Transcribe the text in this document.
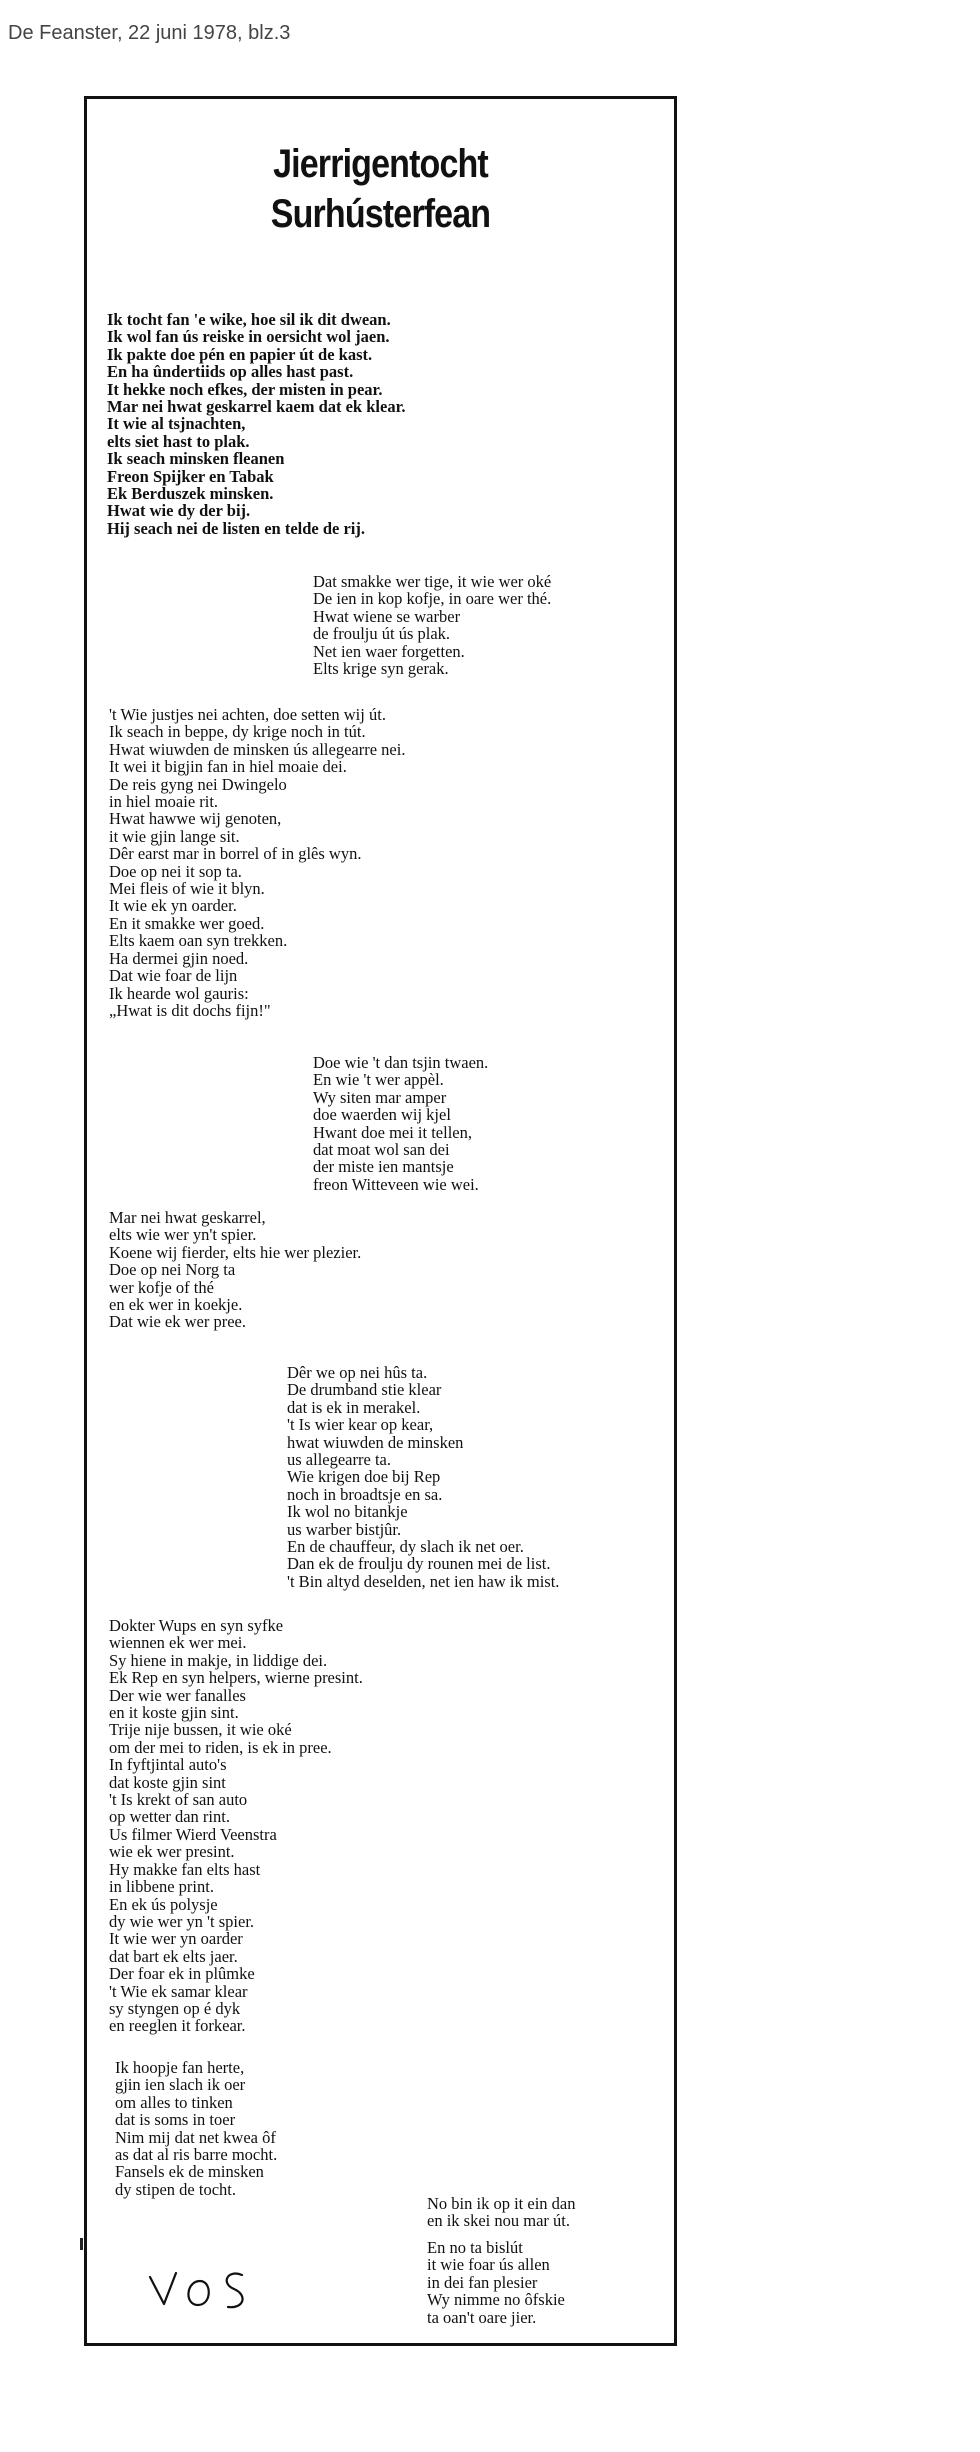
De Feanster, 22 juni 1978, blz.3
Jierrigentocht
Surhústerfean
Ik tocht fan 'e wike, hoe sil ik dit dwean.
Ik wol fan ús reiske in oersicht wol jaen.
Ik pakte doe pén en papier út de kast.
En ha ûndertiids op alles hast past.
It hekke noch efkes, der misten in pear.
Mar nei hwat geskarrel kaem dat ek klear.
It wie al tsjnachten,
elts siet hast to plak.
Ik seach minsken fleanen
Freon Spijker en Tabak
Ek Berduszek minsken.
Hwat wie dy der bij.
Hij seach nei de listen en telde de rij.
Dat smakke wer tige, it wie wer oké
De ien in kop kofje, in oare wer thé.
Hwat wiene se warber
de froulju út ús plak.
Net ien waer forgetten.
Elts krige syn gerak.
't Wie justjes nei achten, doe setten wij út.
Ik seach in beppe, dy krige noch in tút.
Hwat wiuwden de minsken ús allegearre nei.
It wei it bigjin fan in hiel moaie dei.
De reis gyng nei Dwingelo
in hiel moaie rit.
Hwat hawwe wij genoten,
it wie gjin lange sit.
Dêr earst mar in borrel of in glês wyn.
Doe op nei it sop ta.
Mei fleis of wie it blyn.
It wie ek yn oarder.
En it smakke wer goed.
Elts kaem oan syn trekken.
Ha dermei gjin noed.
Dat wie foar de lijn
Ik hearde wol gauris:
„Hwat is dit dochs fijn!"
Doe wie 't dan tsjin twaen.
En wie 't wer appèl.
Wy siten mar amper
doe waerden wij kjel
Hwant doe mei it tellen,
dat moat wol san dei
der miste ien mantsje
freon Witteveen wie wei.
Mar nei hwat geskarrel,
elts wie wer yn't spier.
Koene wij fierder, elts hie wer plezier.
Doe op nei Norg ta
wer kofje of thé
en ek wer in koekje.
Dat wie ek wer pree.
Dêr we op nei hûs ta.
De drumband stie klear
dat is ek in merakel.
't Is wier kear op kear,
hwat wiuwden de minsken
us allegearre ta.
Wie krigen doe bij Rep
noch in broadtsje en sa.
Ik wol no bitankje
us warber bistjûr.
En de chauffeur, dy slach ik net oer.
Dan ek de froulju dy rounen mei de list.
't Bin altyd deselden, net ien haw ik mist.
Dokter Wups en syn syfke
wiennen ek wer mei.
Sy hiene in makje, in liddige dei.
Ek Rep en syn helpers, wierne presint.
Der wie wer fanalles
en it koste gjin sint.
Trije nije bussen, it wie oké
om der mei to riden, is ek in pree.
In fyftjintal auto's
dat koste gjin sint
't Is krekt of san auto
op wetter dan rint.
Us filmer Wierd Veenstra
wie ek wer presint.
Hy makke fan elts hast
in libbene print.
En ek ús polysje
dy wie wer yn 't spier.
It wie wer yn oarder
dat bart ek elts jaer.
Der foar ek in plûmke
't Wie ek samar klear
sy styngen op é dyk
en reeglen it forkear.
Ik hoopje fan herte,
gjin ien slach ik oer
om alles to tinken
dat is soms in toer
Nim mij dat net kwea ôf
as dat al ris barre mocht.
Fansels ek de minsken
dy stipen de tocht.
No bin ik op it ein dan
en ik skei nou mar út.
En no ta bislút
it wie foar ús allen
in dei fan plesier
Wy nimme no ôfskie
ta oan't oare jier.
